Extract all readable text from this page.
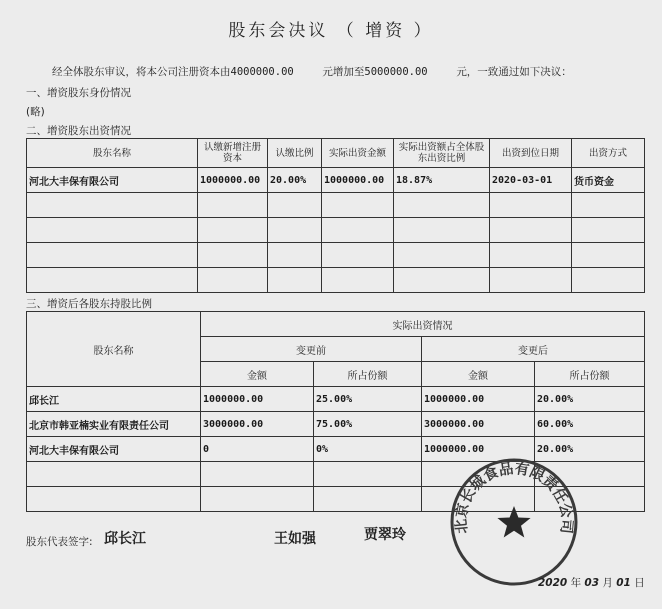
股东会决议 （ 增资 ）
经全体股东审议，将本公司注册资本由4000000.00	元增加至5000000.00	元，一致通过如下决议：
一、增资股东身份情况
(略)
二、增资股东出资情况
股东名称	认缴新增注册资本	认缴比例	实际出资金额	实际出资额占全体股东出资比例	出资到位日期	出资方式
河北大丰保有限公司	1000000.00	20.00%	1000000.00	18.87%	2020-03-01	货币资金

三、增资后各股东持股比例
股东名称	实际出资情况			
	变更前		变更后	
	金额	所占份额	金额	所占份额
邱长江	1000000.00	25.00%	1000000.00	20.00%
北京市韩亚楠实业有限责任公司	3000000.00	75.00%	3000000.00	60.00%
河北大丰保有限公司	0	0%	1000000.00	20.00%

股东代表签字: 邱长江	王如强	贾翠玲
北京长城食品有限责任公司
2020 年 03 月 01 日
